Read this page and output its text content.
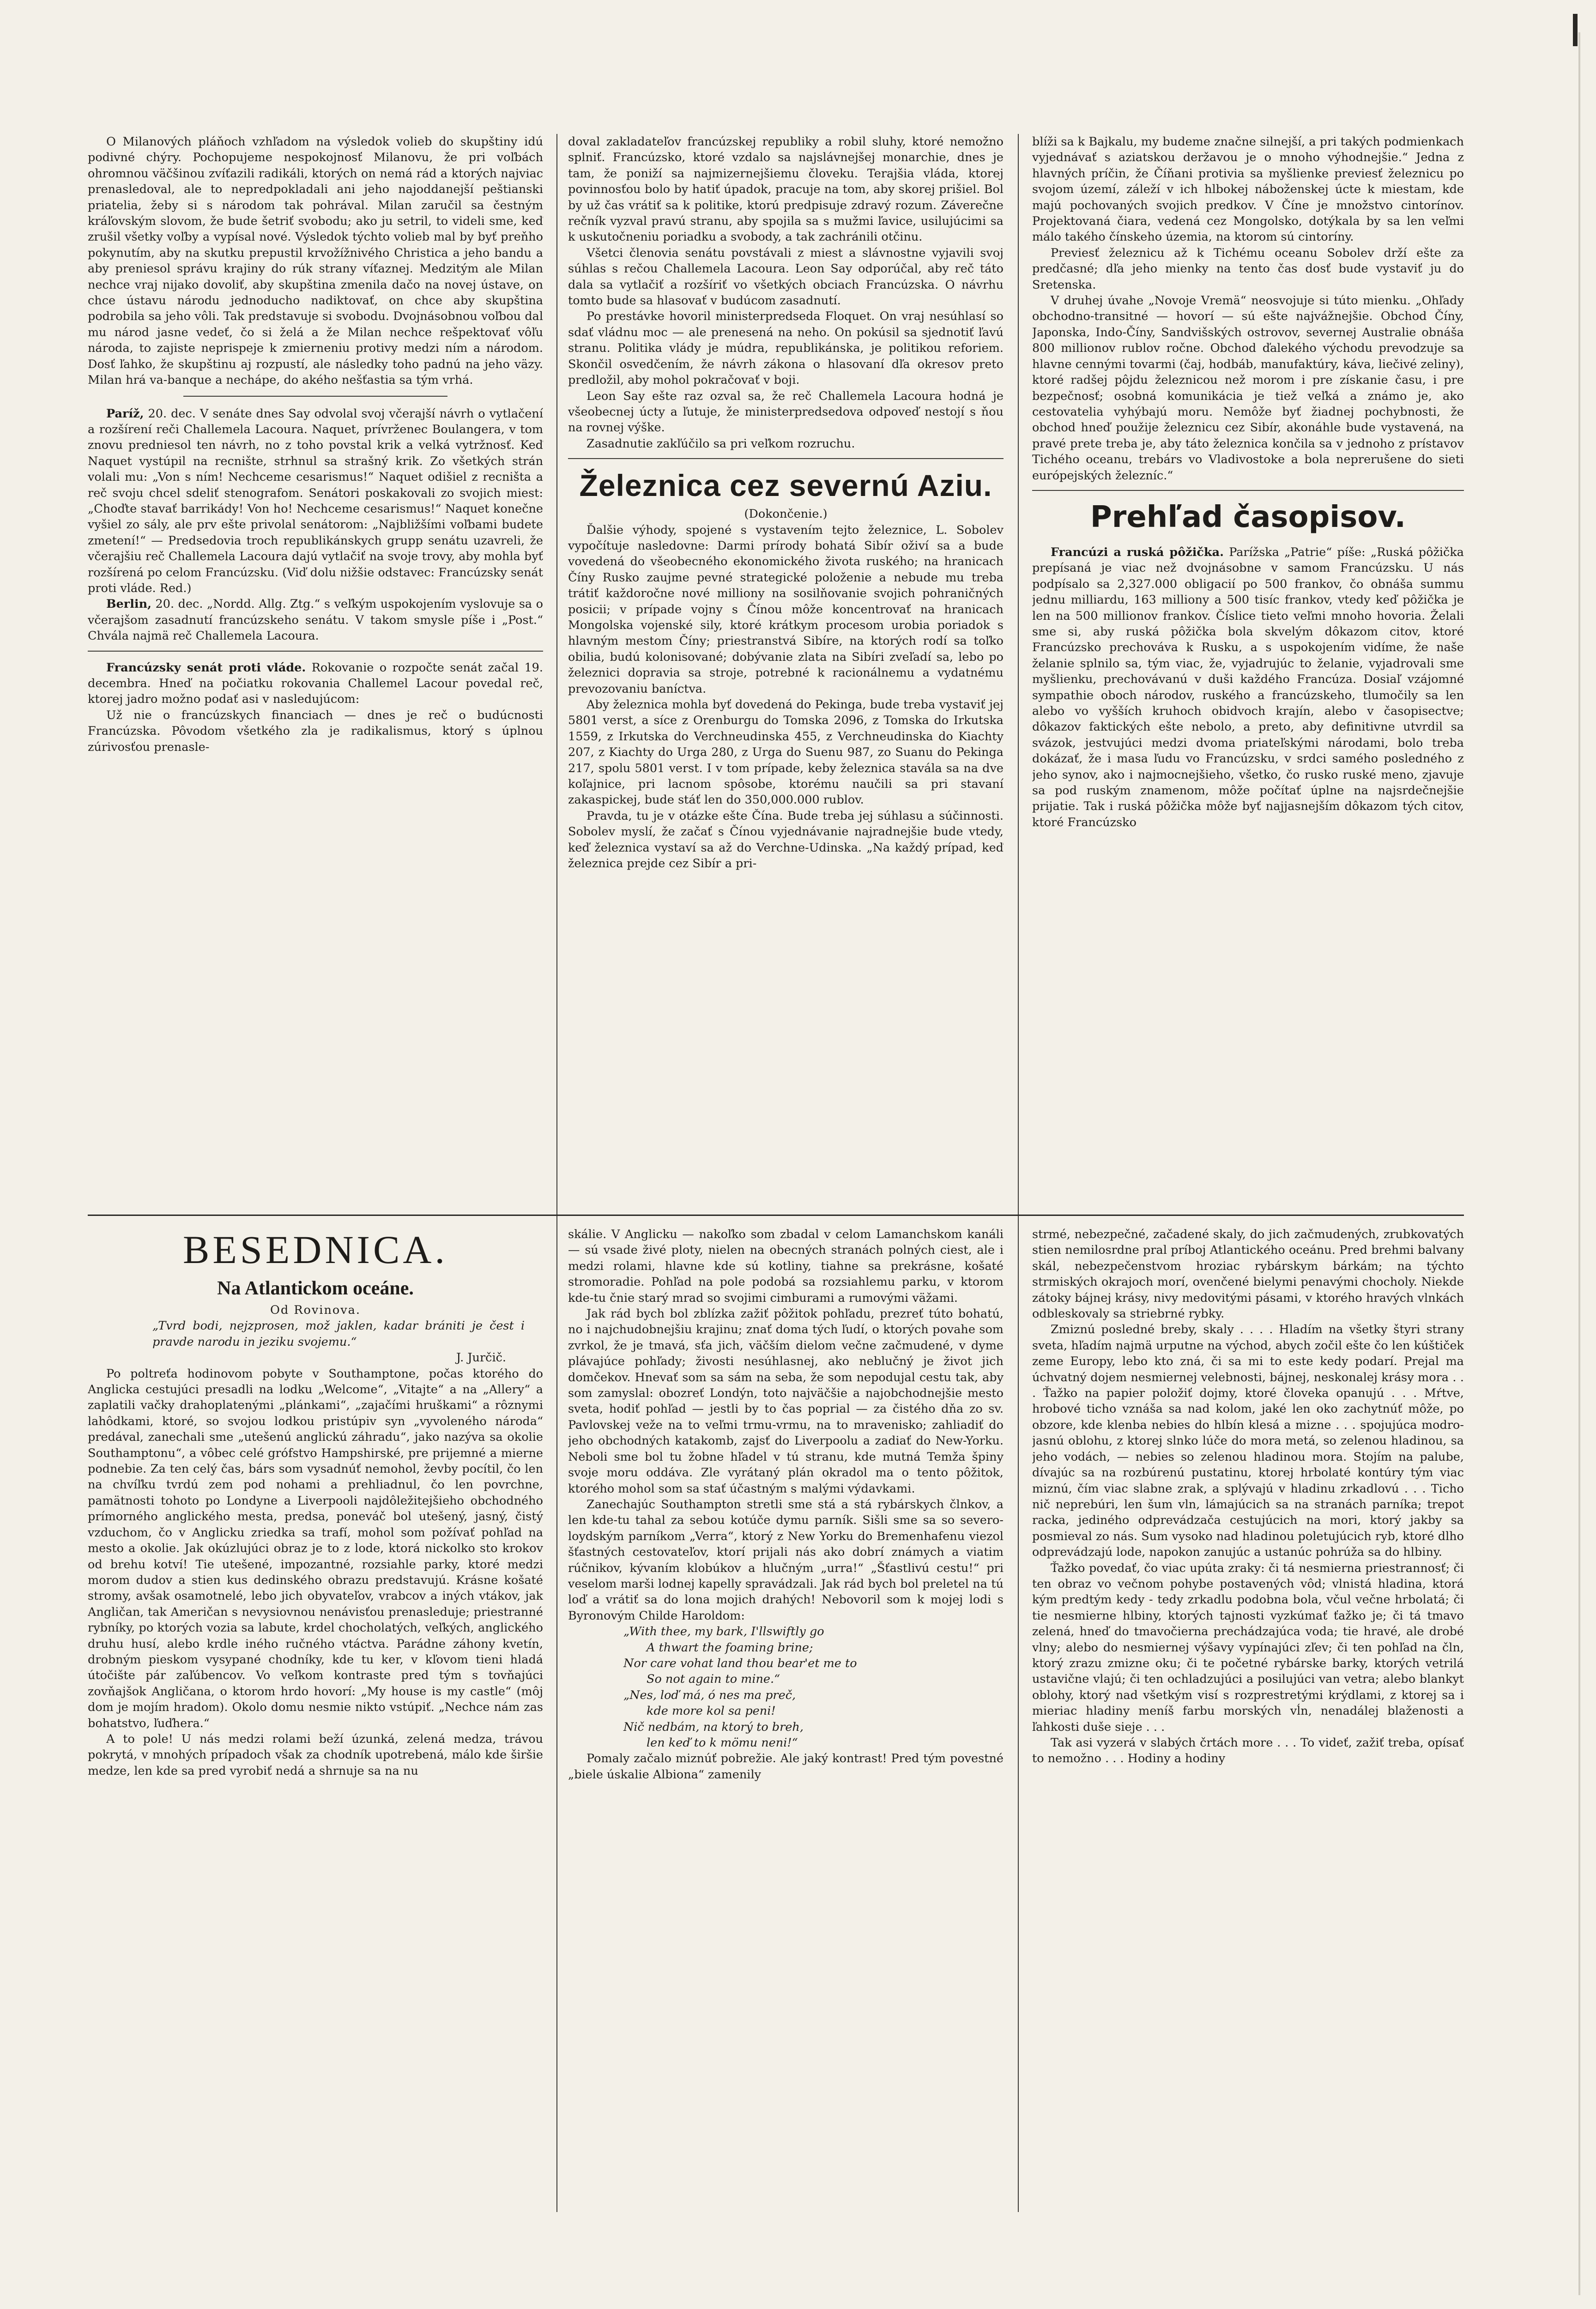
O Milanových pláňoch vzhľadom na výsledok volieb do skupštiny idú podivné chýry. Pochopujeme nespokojnosť Milanovu, že pri voľbách ohromnou väčšinou zvíťazili radikáli, ktorých on nemá rád a ktorých najviac prenasledoval, ale to nepredpokladali ani jeho najoddanejší peštianski priatelia, žeby si s národom tak pohrával. Milan zaručil sa čestným kráľovským slovom, že bude šetriť svobodu; ako ju setril, to videli sme, keď zrušil všetky voľby a vypísal nové. Výsledok týchto volieb mal by byť preňho pokynutím, aby na skutku prepustil krvožížnivého Christica a jeho bandu a aby preniesol správu krajiny do rúk strany víťaznej. Medzitým ale Milan nechce vraj nijako dovoliť, aby skupština zmenila dačo na novej ústave, on chce ústavu národu jednoducho nadiktovať, on chce aby skupština podrobila sa jeho vôli. Tak predstavuje si svobodu. Dvojnásobnou voľbou dal mu národ jasne vedeť, čo si želá a že Milan nechce rešpektovať vôľu národa, to zajiste neprispeje k zmierneniu protivy medzi ním a národom. Dosť ľahko, že skupštinu aj rozpustí, ale následky toho padnú na jeho väzy. Milan hrá va-banque a nechápe, do akého nešťastia sa tým vrhá.

Paríž, 20. dec. V senáte dnes Say odvolal svoj včerajší návrh o vytlačení a rozšírení reči Challemela Lacoura. Naquet, prívrženec Boulangera, v tom znovu predniesol ten návrh, no z toho povstal krik a velká vytržnosť. Keď Naquet vystúpil na recnište, strhnul sa strašný krik. Zo všetkých strán volali mu: „Von s ním! Nechceme cesarismus!“ Naquet odišiel z recništa a reč svoju chcel sdeliť stenografom. Senátori poskakovali zo svojich miest: „Choďte stavať barrikády! Von ho! Nechceme cesarismus!“ Naquet konečne vyšiel zo sály, ale prv ešte privolal senátorom: „Najbližšími voľbami budete zmetení!“ — Predsedovia troch republikánskych grupp senátu uzavreli, že včerajšiu reč Challemela Lacoura dajú vytlačiť na svoje trovy, aby mohla byť rozšírená po celom Francúzsku. (Viď dolu nižšie odstavec: Francúzsky senát proti vláde. Red.)

Berlin, 20. dec. „Nordd. Allg. Ztg.“ s veľkým uspokojením vyslovuje sa o včerajšom zasadnutí francúzskeho senátu. V takom smysle píše i „Post.“ Chvála najmä reč Challemela Lacoura.

Francúzsky senát proti vláde. Rokovanie o rozpočte senát začal 19. decembra. Hneď na počiatku rokovania Challemel Lacour povedal reč, ktorej jadro možno podať asi v nasledujúcom:

Už nie o francúzskych financiach — dnes je reč o budúcnosti Francúzska. Pôvodom všetkého zla je radikalismus, ktorý s úplnou zúrivosťou prenasle-

doval zakladateľov francúzskej republiky a robil sluhy, ktoré nemožno splniť. Francúzsko, ktoré vzdalo sa najslávnejšej monarchie, dnes je tam, že poniží sa najmizernejšiemu človeku. Terajšia vláda, ktorej povinnosťou bolo by hatiť úpadok, pracuje na tom, aby skorej prišiel. Bol by už čas vrátiť sa k politike, ktorú predpisuje zdravý rozum. Záverečne rečník vyzval pravú stranu, aby spojila sa s mužmi ľavice, usilujúcimi sa k uskutočneniu poriadku a svobody, a tak zachránili otčinu.

Všetci členovia senátu povstávali z miest a slávnostne vyjavili svoj súhlas s rečou Challemela Lacoura. Leon Say odporúčal, aby reč táto dala sa vytlačiť a rozšíriť vo všetkých obciach Francúzska. O návrhu tomto bude sa hlasovať v budúcom zasadnutí.

Po prestávke hovoril ministerpredseda Floquet. On vraj nesúhlasí so sdať vládnu moc — ale prenesená na neho. On pokúsil sa sjednotiť ľavú stranu. Politika vlády je múdra, republikánska, je politikou reforiem. Skončil osvedčením, že návrh zákona o hlasovaní dľa okresov preto predložil, aby mohol pokračovať v boji.

Leon Say ešte raz ozval sa, že reč Challemela Lacoura hodná je všeobecnej úcty a ľutuje, že ministerpredsedova odpoveď nestojí s ňou na rovnej výške.

Zasadnutie zakľúčilo sa pri veľkom rozruchu.

Železnica cez severnú Aziu.

(Dokončenie.)

Ďalšie výhody, spojené s vystavením tejto železnice, L. Sobolev vypočítuje nasledovne: Darmi prírody bohatá Sibír oživí sa a bude vovedená do všeobecného ekonomického života ruského; na hranicach Číny Rusko zaujme pevné strategické položenie a nebude mu treba trátiť každoročne nové milliony na sosilňovanie svojich pohraničných posicii; v prípade vojny s Čínou môže koncentrovať na hranicach Mongolska vojenské sily, ktoré krátkym procesom urobia poriadok s hlavným mestom Číny; priestranstvá Sibíre, na ktorých rodí sa toľko obilia, budú kolonisované; dobývanie zlata na Sibíri zveľadí sa, lebo po železnici dopravia sa stroje, potrebné k racionálnemu a vydatnému prevozovaniu baníctva.

Aby železnica mohla byť dovedená do Pekinga, bude treba vystaviť jej 5801 verst, a síce z Orenburgu do Tomska 2096, z Tomska do Irkutska 1559, z Irkutska do Verchneudinska 455, z Verchneudinska do Kiachty 207, z Kiachty do Urga 280, z Urga do Suenu 987, zo Suanu do Pekinga 217, spolu 5801 verst. I v tom prípade, keby železnica stavála sa na dve koľajnice, pri lacnom spôsobe, ktorému naučili sa pri stavaní zakaspickej, bude stáť len do 350,000.000 rublov.

Pravda, tu je v otázke ešte Čína. Bude treba jej súhlasu a súčinnosti. Sobolev myslí, že začať s Čínou vyjednávanie najradnejšie bude vtedy, keď železnica vystaví sa až do Verchne-Udinska. „Na každý prípad, keď železnica prejde cez Sibír a pri-

blíži sa k Bajkalu, my budeme značne silnejší, a pri takých podmienkach vyjednávať s aziatskou deržavou je o mnoho výhodnejšie.“ Jedna z hlavných príčin, že Číňani protivia sa myšlienke previesť železnicu po svojom území, záleží v ich hlbokej náboženskej úcte k miestam, kde majú pochovaných svojich predkov. V Číne je množstvo cintorínov. Projektovaná čiara, vedená cez Mongolsko, dotýkala by sa len veľmi málo takého čínskeho územia, na ktorom sú cintoríny.

Previesť železnicu až k Tichému oceanu Sobolev drží ešte za predčasné; dľa jeho mienky na tento čas dosť bude vystaviť ju do Sretenska.

V druhej úvahe „Novoje Vremä“ neosvojuje si túto mienku. „Ohľady obchodno-transitné — hovorí — sú ešte najvážnejšie. Obchod Číny, Japonska, Indo-Číny, Sandvišských ostrovov, severnej Australie obnáša 800 millionov rublov ročne. Obchod ďalekého východu prevodzuje sa hlavne cennými tovarmi (čaj, hodbáb, manufaktúry, káva, liečivé zeliny), ktoré radšej pôjdu železnicou než morom i pre získanie času, i pre bezpečnosť; osobná komunikácia je tiež veľká a známo je, ako cestovatelia vyhýbajú moru. Nemôže byť žiadnej pochybnosti, že obchod hneď použije železnicu cez Sibír, akonáhle bude vystavená, na pravé prete treba je, aby táto železnica končila sa v jednoho z prístavov Tichého oceanu, trebárs vo Vladivostoke a bola neprerušene do sieti európejských železníc.“

Prehľad časopisov.

Francúzi a ruská pôžička. Parížska „Patrie“ píše: „Ruská pôžička prepísaná je viac než dvojnásobne v samom Francúzsku. U nás podpísalo sa 2,327.000 obligacií po 500 frankov, čo obnáša summu jednu milliardu, 163 milliony a 500 tisíc frankov, vtedy keď pôžička je len na 500 millionov frankov. Číslice tieto veľmi mnoho hovoria. Želali sme si, aby ruská pôžička bola skvelým dôkazom citov, ktoré Francúzsko prechováva k Rusku, a s uspokojením vidíme, že naše želanie splnilo sa, tým viac, že, vyjadrujúc to želanie, vyjadrovali sme myšlienku, prechovávanú v duši každého Francúza. Dosiaľ vzájomné sympathie oboch národov, ruského a francúzskeho, tlumočily sa len alebo vo vyšších kruhoch obidvoch krajín, alebo v časopisectve; dôkazov faktických ešte nebolo, a preto, aby definitivne utvrdil sa svázok, jestvujúci medzi dvoma priateľskými národami, bolo treba dokázať, že i masa ľudu vo Francúzsku, v srdci samého posledného z jeho synov, ako i najmocnejšieho, všetko, čo rusko ruské meno, zjavuje sa pod ruským znamenom, môže počítať úplne na najsrdečnejšie prijatie. Tak i ruská pôžička môže byť najjasnejším dôkazom tých citov, ktoré Francúzsko

BESEDNICA.
Na Atlantickom oceáne.

Od Rovinova.

„Tvrd bodi, nejzprosen, mož jaklen, kadar brániti je čest i pravde narodu in jeziku svojemu.“

J. Jurčič.

Po poltreťa hodinovom pobyte v Southamptone, počas ktorého do Anglicka cestujúci presadli na lodku „Welcome“, „Vitajte“ a na „Allery“ a zaplatili vačky drahoplatenými „plánkami“, „zajačími hruškami“ a rôznymi lahôdkami, ktoré, so svojou lodkou pristúpiv syn „vyvoleného národa“ predával, zanechali sme „utešenú anglickú záhradu“, jako nazýva sa okolie Southamptonu“, a vôbec celé grófstvo Hampshirské, pre prijemné a mierne podnebie. Za ten celý čas, bárs som vysadnúť nemohol, ževby pocítil, čo len na chvíľku tvrdú zem pod nohami a prehliadnul, čo len povrchne, pamätnosti tohoto po Londyne a Liverpooli najdôležitejšieho obchodného prímorného anglického mesta, predsa, poneváč bol utešený, jasný, čistý vzduchom, čo v Anglicku zriedka sa trafí, mohol som požívať pohľad na mesto a okolie. Jak okúzlujúci obraz je to z lode, ktorá nickolko sto krokov od brehu kotví! Tie utešené, impozantné, rozsiahle parky, ktoré medzi morom dudov a stien kus dedinského obrazu predstavujú. Krásne košaté stromy, avšak osamotnelé, lebo jich obyvateľov, vrabcov a iných vtákov, jak Angličan, tak Američan s nevysiovnou nenávisťou prenasleduje; priestranné rybníky, po ktorých vozia sa labute, krdel chocholatých, veľkých, anglického druhu husí, alebo krdle iného ručného vtáctva. Parádne záhony kvetín, drobným pieskom vysypané chodníky, kde tu ker, v kľovom tieni hladá útočište pár zaľúbencov. Vo veľkom kontraste pred tým s tovňajúci zovňajšok Angličana, o ktorom hrdo hovorí: „My house is my castle“ (môj dom je mojím hradom). Okolo domu nesmie nikto vstúpiť. „Nechce nám zas bohatstvo, ľuďhera.“

A to pole! U nás medzi rolami beží úzunká, zelená medza, trávou pokrytá, v mnohých prípadoch však za chodník upotrebená, málo kde širšie medze, len kde sa pred vyrobiť nedá a shrnuje sa na nu

skálie. V Anglicku — nakoľko som zbadal v celom Lamanchskom kanáli — sú vsade živé ploty, nielen na obecných stranách polných ciest, ale i medzi rolami, hlavne kde sú kotliny, tiahne sa prekrásne, košaté stromoradie. Pohľad na pole podobá sa rozsiahlemu parku, v ktorom kde-tu čnie starý mrad so svojimi cimburami a rumovými väžami.

Jak rád bych bol zblízka zažiť pôžitok pohľadu, prezreť túto bohatú, no i najchudobnejšiu krajinu; znať doma tých ľudí, o ktorých povahe som zvrkol, že je tmavá, sťa jich, väčším dielom večne začmudené, v dyme plávajúce pohľady; živosti nesúhlasnej, ako neblučný je život jich domčekov. Hnevať som sa sám na seba, že som nepodujal cestu tak, aby som zamyslal: obozreť Londýn, toto najväčšie a najobchodnejšie mesto sveta, hodiť pohľad — jestli by to čas poprial — za čistého dňa zo sv. Pavlovskej veže na to veľmi trmu-vrmu, na to mravenisko; zahliadiť do jeho obchodných katakomb, zajsť do Liverpoolu a zadiať do New-Yorku. Neboli sme bol tu žobne hľadel v tú stranu, kde mutná Temža špiny svoje moru oddáva. Zle vyrátaný plán okradol ma o tento pôžitok, ktorého mohol som sa stať účastným s malými výdavkami.

Zanechajúc Southampton stretli sme stá a stá rybárskych člnkov, a len kde-tu tahal za sebou kotúče dymu parník. Sišli sme sa so severo-loydským parníkom „Verra“, ktorý z New Yorku do Bremenhafenu viezol šťastných cestovateľov, ktorí prijali nás ako dobrí známych a viatim rúčnikov, kývaním klobúkov a hlučným „urra!“ „Šťastlivú cestu!“ pri veselom marši lodnej kapelly spravádzali. Jak rád bych bol preletel na tú loď a vrátiť sa do lona mojich drahých! Nebovoril som k mojej lodi s Byronovým Childe Haroldom:

„With thee, my bark, I'llswiftly go

A thwart the foaming brine;

Nor care vohat land thou bear'et me to

So not again to mine.“

„Nes, loď má, ó nes ma preč,

kde more kol sa peni!

Nič nedbám, na ktorý to breh,

len keď to k mömu neni!“

Pomaly začalo miznúť pobrežie. Ale jaký kontrast! Pred tým povestné „biele úskalie Albiona“ zamenily

strmé, nebezpečné, začadené skaly, do jich začmudených, zrubkovatých stien nemilosrdne pral príboj Atlantického oceánu. Pred brehmi balvany skál, nebezpečenstvom hroziac rybárskym bárkám; na týchto strmiských okrajoch morí, ovenčené bielymi penavými chocholy. Niekde zátoky bájnej krásy, nivy medovitými pásami, v ktorého hravých vlnkách odbleskovaly sa striebrné rybky.

Zmiznú posledné breby, skaly . . . . Hladím na všetky štyri strany sveta, hľadím najmä urputne na východ, abych zočil ešte čo len kúštiček zeme Europy, lebo kto zná, či sa mi to este kedy podarí. Prejal ma úchvatný dojem nesmiernej velebnosti, bájnej, neskonalej krásy mora . . . Ťažko na papier položiť dojmy, ktoré človeka opanujú . . . Mŕtve, hrobové ticho vznáša sa nad kolom, jaké len oko zachytnúť môže, po obzore, kde klenba nebies do hlbín klesá a mizne . . . spojujúca modro-jasnú oblohu, z ktorej slnko lúče do mora metá, so zelenou hladinou, sa jeho vodách, — nebies so zelenou hladinou mora. Stojím na palube, dívajúc sa na rozbúrenú pustatinu, ktorej hrbolaté kontúry tým viac miznú, čím viac slabne zrak, a splývajú v hladinu zrkadlovú . . . Ticho nič neprebúri, len šum vln, lámajúcich sa na stranách parníka; trepot racka, jediného odprevádzača cestujúcich na mori, ktorý jakby sa posmieval zo nás. Sum vysoko nad hladinou poletujúcich ryb, ktoré dlho odprevádzajú lode, napokon zanujúc a ustanúc pohrúža sa do hlbiny.

Ťažko povedať, čo viac upúta zraky: či tá nesmierna priestrannosť; či ten obraz vo večnom pohybe postavených vôd; vlnistá hladina, ktorá kým predtým kedy - tedy zrkadlu podobna bola, včul večne hrbolatá; či tie nesmierne hlbiny, ktorých tajnosti vyzkúmať ťažko je; či tá tmavo zelená, hneď do tmavočierna prechádzajúca voda; tie hravé, ale drobé vlny; alebo do nesmiernej výšavy vypínajúci zľev; či ten pohľad na čln, ktorý zrazu zmizne oku; či te početné rybárske barky, ktorých vetrilá ustavične vlajú; či ten ochladzujúci a posilujúci van vetra; alebo blankyt oblohy, ktorý nad všetkým visí s rozprestretými krýdlami, z ktorej sa i mieriac hladiny meníš farbu morských vĺn, nenadálej blaženosti a ľahkosti duše sieje . . .

Tak asi vyzerá v slabých črtách more . . . To videť, zažiť treba, opísať to nemožno . . . Hodiny a hodiny
